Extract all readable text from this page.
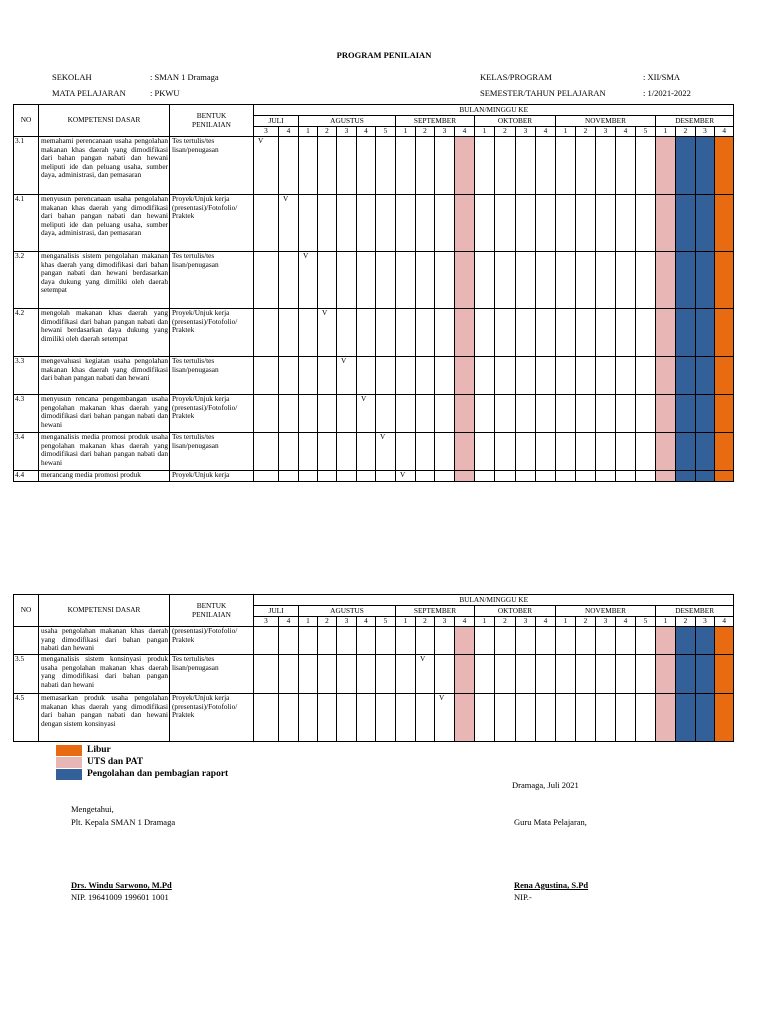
PROGRAM PENILAIAN
SEKOLAH	: SMAN 1 Dramaga
MATA PELAJARAN	: PKWU
KELAS/PROGRAM	: XII/SMA
SEMESTER/TAHUN PELAJARAN	: 1/2021-2022
NO	KOMPETENSI DASAR	BENTUK PENILAIAN	BULAN/MINGGU KE																							
			JULI		AGUSTUS					SEPTEMBER				OKTOBER				NOVEMBER					DESEMBER			
			3	4	1	2	3	4	5	1	2	3	4	1	2	3	4	1	2	3	4	5	1	2	3	4
3.1	memahami perencanaan usaha pengolahan makanan khas daerah yang dimodifikasi dari bahan pangan nabati dan hewani meliputi ide dan peluang usaha, sumber daya, administrasi, dan pemasaran	Tes tertulis/tes lisan/penugasan	V																							
4.1	menyusun perencanaan usaha pengolahan makanan khas daerah yang dimodifikasi dari bahan pangan nabati dan hewani meliputi ide dan peluang usaha, sumber daya, administrasi, dan pemasaran	Proyek/Unjuk kerja (presentasi)/Fotofolio/ Praktek		V																						
3.2	menganalisis sistem pengolahan makanan khas daerah yang dimodifikasi dari bahan pangan nabati dan hewani berdasarkan daya dukung yang dimiliki oleh daerah setempat	Tes tertulis/tes lisan/penugasan			V																					
4.2	mengolah makanan khas daerah yang dimodifikasi dari bahan pangan nabati dan hewani berdasarkan daya dukung yang dimiliki oleh daerah setempat	Proyek/Unjuk kerja (presentasi)/Fotofolio/ Praktek				V																				
3.3	mengevaluasi kegiatan usaha pengolahan makanan khas daerah yang dimodifikasi dari bahan pangan nabati dan hewani	Tes tertulis/tes lisan/penugasan					V																			
4.3	menyusun rencana pengembangan usaha pengolahan makanan khas daerah yang dimodifikasi dari bahan pangan nabati dan hewani	Proyek/Unjuk kerja (presentasi)/Fotofolio/ Praktek						V																		
3.4	menganalisis media promosi produk usaha pengolahan makanan khas daerah yang dimodifikasi dari bahan pangan nabati dan hewani	Tes tertulis/tes lisan/penugasan							V																	
4.4	merancang media promosi produk	Proyek/Unjuk kerja								V																
NO	KOMPETENSI DASAR	BENTUK PENILAIAN	BULAN/MINGGU KE																							
			JULI		AGUSTUS					SEPTEMBER				OKTOBER				NOVEMBER					DESEMBER			
			3	4	1	2	3	4	5	1	2	3	4	1	2	3	4	1	2	3	4	5	1	2	3	4
	usaha pengolahan makanan khas daerah yang dimodifikasi dari bahan pangan nabati dan hewani	(presentasi)/Fotofolio/ Praktek																								
3.5	menganalisis sistem konsinyasi produk usaha pengolahan makanan khas daerah yang dimodifikasi dari bahan pangan nabati dan hewani	Tes tertulis/tes lisan/penugasan									V															
4.5	memasarkan produk usaha pengolahan makanan khas daerah yang dimodifikasi dari bahan pangan nabati dan hewani dengan sistem konsinyasi	Proyek/Unjuk kerja (presentasi)/Fotofolio/ Praktek										V														
Libur
UTS dan PAT
Pengolahan dan pembagian raport
Dramaga, Juli 2021
Mengetahui,
Plt. Kepala SMAN 1 Dramaga	Guru Mata Pelajaran,
Drs. Windu Sarwono, M.Pd
NIP. 19641009 199601 1001
Rena Agustina, S.Pd
NIP.-
